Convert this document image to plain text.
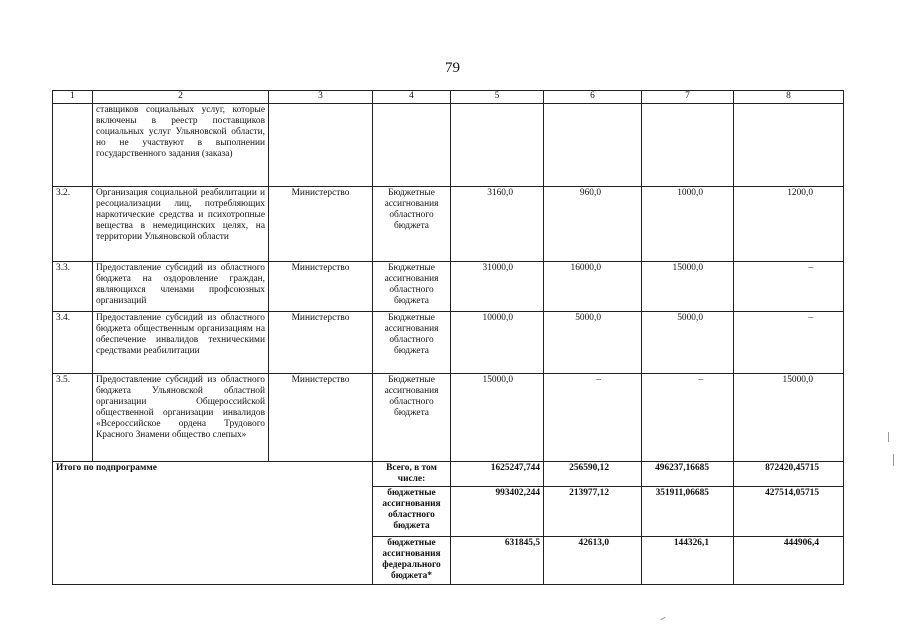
79
1	2	3	4	5	6	7	8
	ставщиков социальных услуг, которые включены в реестр поставщиков социальных услуг Ульяновской области, но не участвуют в выполнении государственного задания (заказа)						
3.2.	Организация социальной реабилитации и ресоциализации лиц, потребляющих наркотические средства и психотропные вещества в немедицинских целях, на территории Ульяновской области	Министерство	Бюджетные ассигнования областного бюджета	3160,0	960,0	1000,0	1200,0
3.3.	Предоставление субсидий из областного бюджета на оздоровление граждан, являющихся членами профсоюзных организаций	Министерство	Бюджетные ассигнования областного бюджета	31000,0	16000,0	15000,0	–
3.4.	Предоставление субсидий из областного бюджета общественным организациям на обеспечение инвалидов техническими средствами реабилитации	Министерство	Бюджетные ассигнования областного бюджета	10000,0	5000,0	5000,0	–
3.5.	Предоставление субсидий из областного бюджета Ульяновской областной организации Общероссийской общественной организации инвалидов «Всероссийское ордена Трудового Красного Знамени общество слепых»	Министерство	Бюджетные ассигнования областного бюджета	15000,0	–	–	15000,0
Итого по подпрограмме			Всего, в том числе:	1625247,744	256590,12	496237,16685	872420,45715
			бюджетные ассигнования областного бюджета	993402,244	213977,12	351911,06685	427514,05715
			бюджетные ассигнования федерального бюджета*	631845,5	42613,0	144326,1	444906,4
